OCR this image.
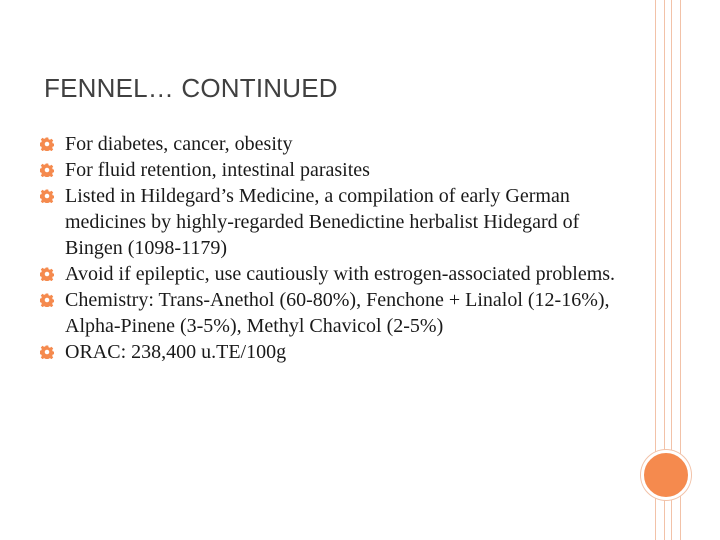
FENNEL… CONTINUED
For diabetes, cancer, obesity
For fluid retention, intestinal parasites
Listed in Hildegard’s Medicine, a compilation of early German medicines by highly-regarded Benedictine herbalist Hidegard of Bingen (1098-1179)
Avoid if epileptic, use cautiously with estrogen-associated problems.
Chemistry: Trans-Anethol (60-80%), Fenchone + Linalol (12-16%), Alpha-Pinene (3-5%), Methyl Chavicol (2-5%)
ORAC: 238,400 u.TE/100g
